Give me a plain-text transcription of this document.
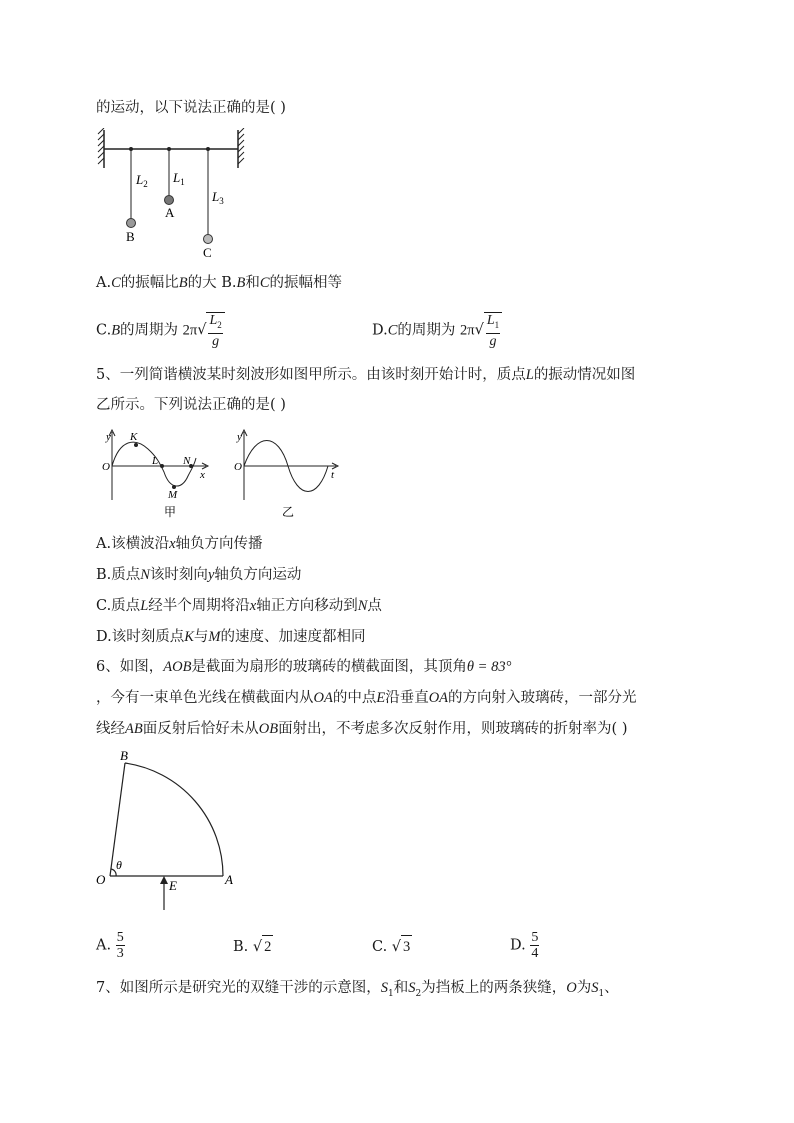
的运动，以下说法正确的是( )
$L_2$ $L_1$
$L_3$
A
B
C
A.C的振幅比B的大 B.B和C的振幅相等
C.B的周期为 $2\pi√ \frac{L_2}{g}$	D.C的周期为 $2\pi√ \frac{L_1}{g}$
5、一列简谐横波某时刻波形如图甲所示。由该时刻开始计时，质点L的振动情况如图
乙所示。下列说法正确的是( )
y
O
x
K
L N
M
甲
y
O
t
乙
A.该横波沿x轴负方向传播
B.质点N该时刻向y轴负方向运动
C.质点L经半个周期将沿x轴正方向移动到N点
D.该时刻质点K与M的速度、加速度都相同
6、如图，AOB是截面为扇形的玻璃砖的横截面图，其顶角θ = 83°
，今有一束单色光线在横截面内从OA的中点E沿垂直OA的方向射入玻璃砖，一部分光
线经AB面反射后恰好未从OB面射出，不考虑多次反射作用，则玻璃砖的折射率为( )
B
O	A
E
θ
A. $\frac{5}{3}$	B. √ 2	C. √ 3	D. $\frac{5}{4}$
7、如图所示是研究光的双缝干涉的示意图，$S_1$和$S_2$为挡板上的两条狭缝，O为$S_1$、
